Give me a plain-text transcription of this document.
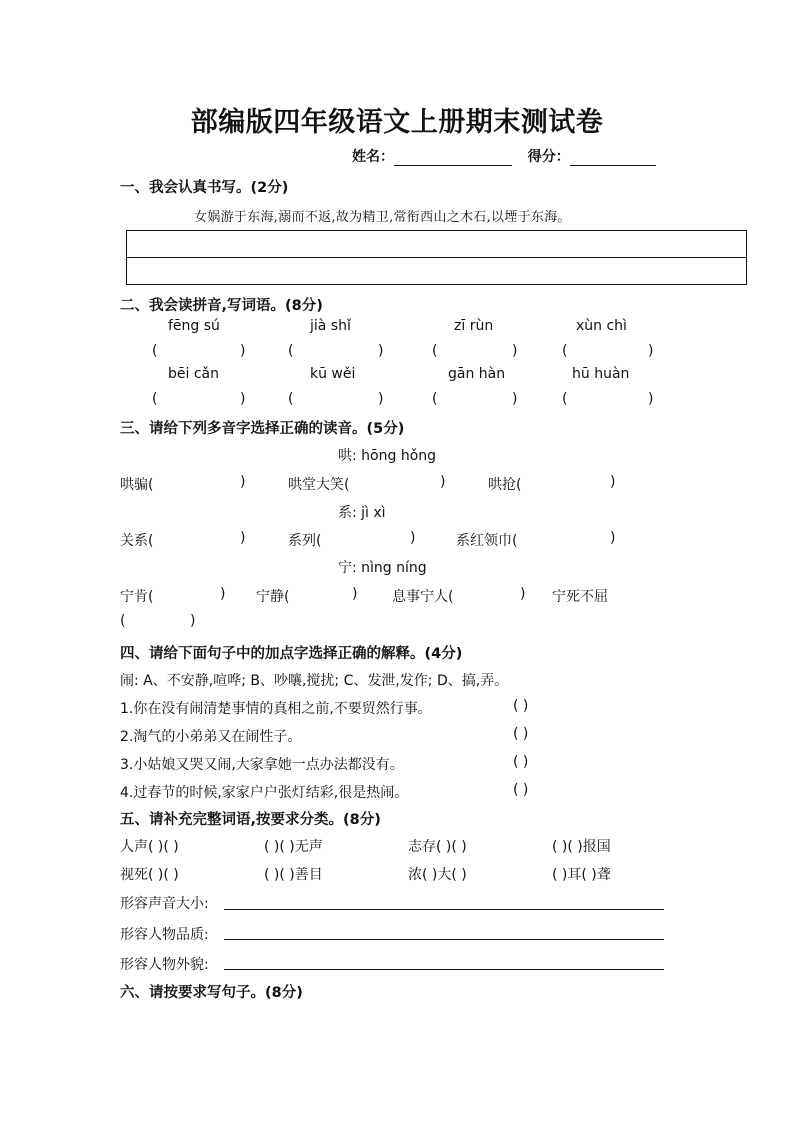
部编版四年级语文上册期末测试卷
姓名：	得分：
一、我会认真书写。(2分)
女娲游于东海,溺而不返,故为精卫,常衔西山之木石,以堙于东海。
二、我会读拼音,写词语。(8分)
fēng sú	jià shǐ	zī rùn	xùn chì
(	)	(	)	(	)	(	)
bēi cǎn	kū wěi	gān hàn	hū huàn
(	)	(	)	(	)	(	)
三、请给下列多音字选择正确的读音。(5分)
哄: hōng hǒng
哄骗(	)	哄堂大笑(	)	哄抢(	)
系: jì xì
关系(	)	系列(	)	系红领巾(	)
宁: nìng níng
宁肯(	) 宁静(	) 息事宁人(	) 宁死不屈
(	)
四、请给下面句子中的加点字选择正确的解释。(4分)
闹: A、不安静,喧哗; B、吵嚷,搅扰; C、发泄,发作; D、搞,弄。
1.你在没有闹清楚事情的真相之前,不要贸然行事。	( )
2.淘气的小弟弟又在闹性子。	( )
3.小姑娘又哭又闹,大家拿她一点办法都没有。	( )
4.过春节的时候,家家户户张灯结彩,很是热闹。	( )
五、请补充完整词语,按要求分类。(8分)
人声( )( )	( )( )无声	志存( )( )	( )( )报国
视死( )( )	( )( )善目	浓( )大( )	( )耳( )聋
形容声音大小:
形容人物品质:
形容人物外貌:
六、请按要求写句子。(8分)
